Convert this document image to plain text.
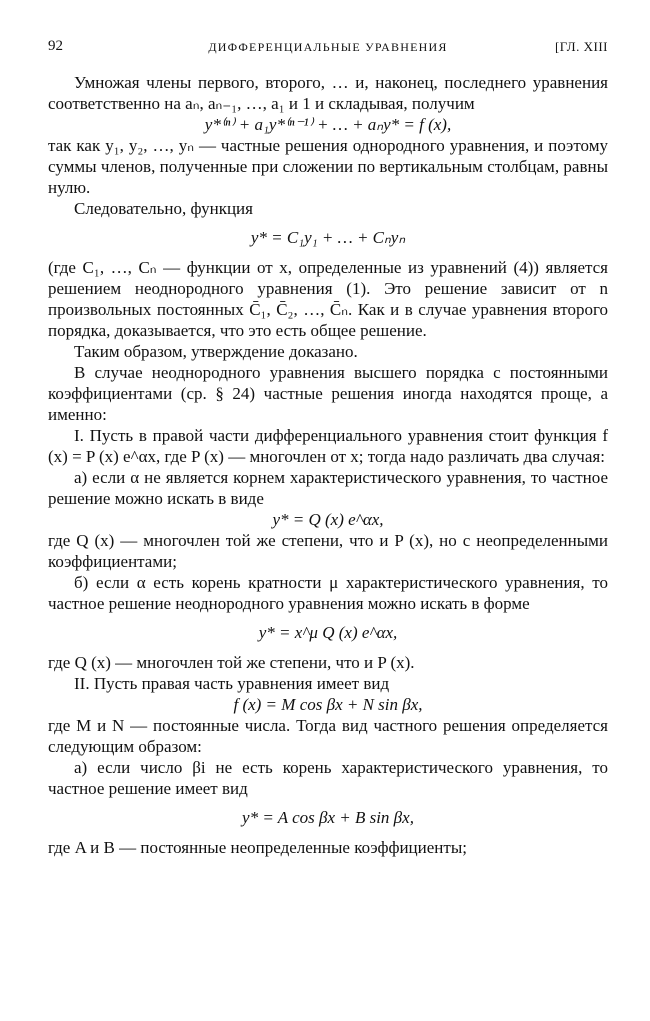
92	ДИФФЕРЕНЦИАЛЬНЫЕ УРАВНЕНИЯ	[ГЛ. XIII

Умножая члены первого, второго, … и, наконец, последнего уравнения соответственно на aₙ, aₙ₋₁, …, a₁ и 1 и складывая, получим

y*⁽ⁿ⁾ + a₁y*⁽ⁿ⁻¹⁾ + … + aₙy* = f (x),

так как y₁, y₂, …, yₙ — частные решения однородного уравнения, и поэтому суммы членов, полученные при сложении по вертикальным столбцам, равны нулю.

Следовательно, функция

y* = C₁y₁ + … + Cₙyₙ

(где C₁, …, Cₙ — функции от x, определенные из уравнений (4)) является решением неоднородного уравнения (1). Это решение зависит от n произвольных постоянных C̄₁, C̄₂, …, C̄ₙ. Как и в случае уравнения второго порядка, доказывается, что это есть общее решение.

Таким образом, утверждение доказано.

В случае неоднородного уравнения высшего порядка с постоянными коэффициентами (ср. § 24) частные решения иногда находятся проще, а именно:

I. Пусть в правой части дифференциального уравнения стоит функция f (x) = P (x) e^αx, где P (x) — многочлен от x; тогда надо различать два случая:

а) если α не является корнем характеристического уравнения, то частное решение можно искать в виде

y* = Q (x) e^αx,

где Q (x) — многочлен той же степени, что и P (x), но с неопределенными коэффициентами;

б) если α есть корень кратности μ характеристического уравнения, то частное решение неоднородного уравнения можно искать в форме

y* = x^μ Q (x) e^αx,

где Q (x) — многочлен той же степени, что и P (x).

II. Пусть правая часть уравнения имеет вид

f (x) = M cos βx + N sin βx,

где M и N — постоянные числа. Тогда вид частного решения определяется следующим образом:

а) если число βi не есть корень характеристического уравнения, то частное решение имеет вид

y* = A cos βx + B sin βx,

где A и B — постоянные неопределенные коэффициенты;
